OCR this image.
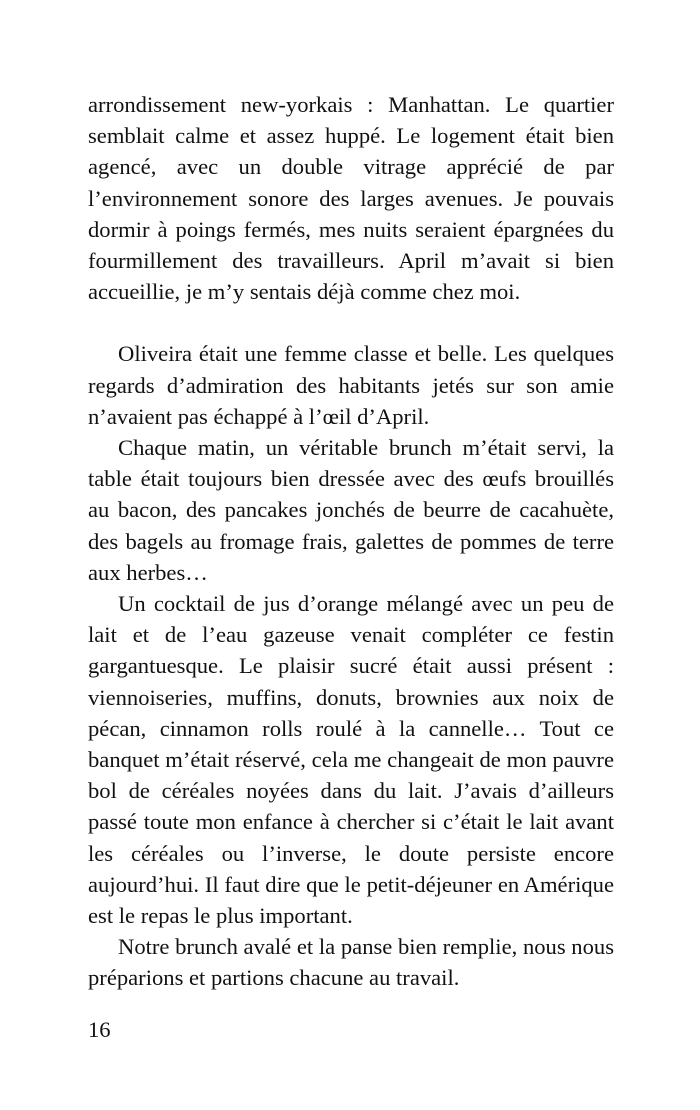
arrondissement new-yorkais : Manhattan. Le quartier semblait calme et assez huppé. Le logement était bien agencé, avec un double vitrage apprécié de par l’environnement sonore des larges avenues. Je pouvais dormir à poings fermés, mes nuits seraient épargnées du fourmillement des travailleurs. April m’avait si bien accueillie, je m’y sentais déjà comme chez moi.

Oliveira était une femme classe et belle. Les quelques regards d’admiration des habitants jetés sur son amie n’avaient pas échappé à l’œil d’April.

Chaque matin, un véritable brunch m’était servi, la table était toujours bien dressée avec des œufs brouillés au bacon, des pancakes jonchés de beurre de cacahuète, des bagels au fromage frais, galettes de pommes de terre aux herbes…

Un cocktail de jus d’orange mélangé avec un peu de lait et de l’eau gazeuse venait compléter ce festin gargantuesque. Le plaisir sucré était aussi présent : viennoiseries, muffins, donuts, brownies aux noix de pécan, cinnamon rolls roulé à la cannelle… Tout ce banquet m’était réservé, cela me changeait de mon pauvre bol de céréales noyées dans du lait. J’avais d’ailleurs passé toute mon enfance à chercher si c’était le lait avant les céréales ou l’inverse, le doute persiste encore aujourd’hui. Il faut dire que le petit-déjeuner en Amérique est le repas le plus important.

Notre brunch avalé et la panse bien remplie, nous nous préparions et partions chacune au travail.

16
